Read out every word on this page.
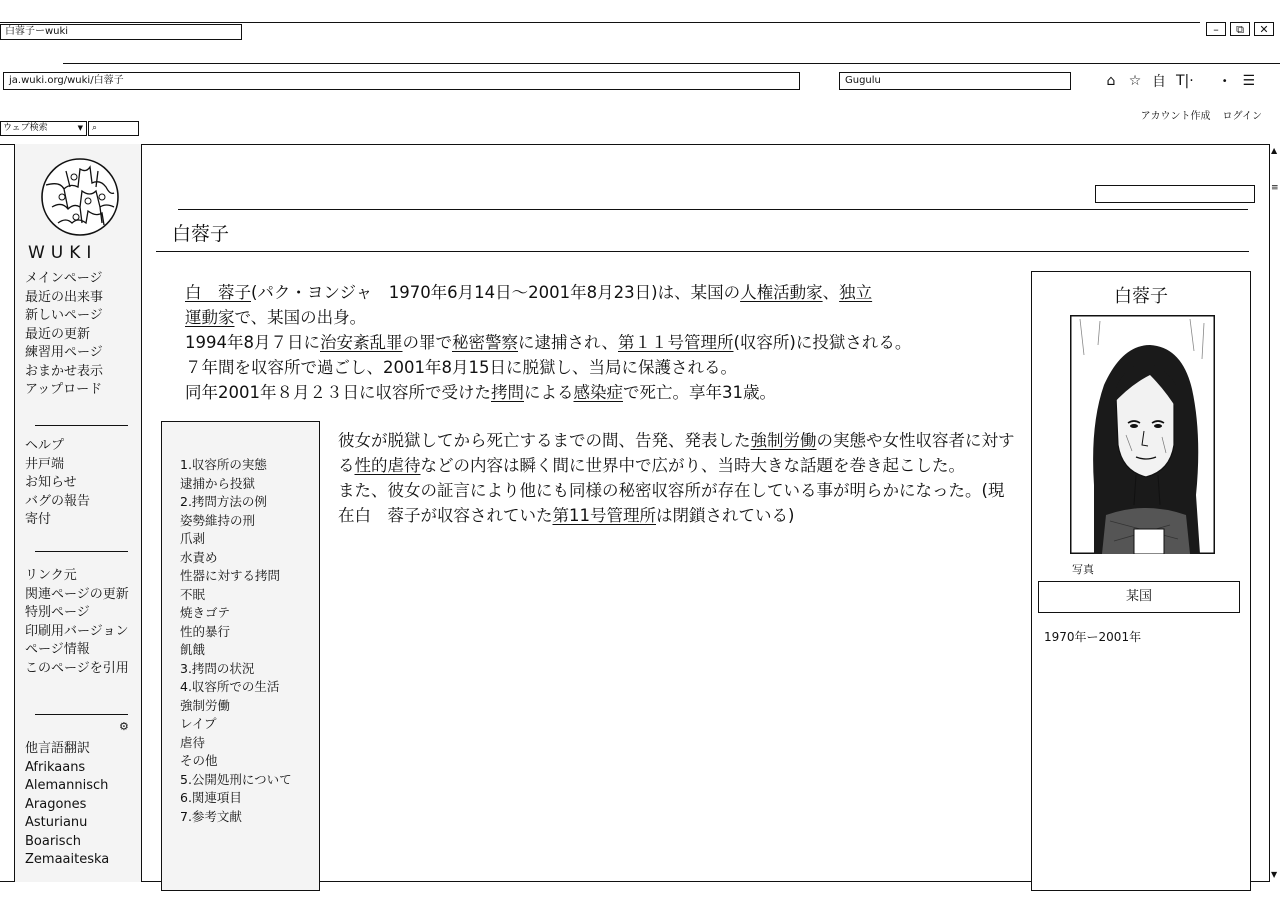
白蓉子ーwuki	–	⧉	✕
ja.wuki.org/wuki/白蓉子	Gugulu	⌂ ☆ 自 T|·	• ☰
アカウント作成 ログイン
ウェブ検索	▼	⌕
WUKI
メインページ
最近の出来事
新しいページ
最近の更新
練習用ページ
おまかせ表示
アップロード
ヘルプ
井戸端
お知らせ
バグの報告
寄付
リンク元
関連ページの更新
特別ページ
印刷用バージョン
ページ情報
このページを引用
⚙
他言語翻訳
Afrikaans
Alemannisch
Aragones
Asturianu
Boarisch
Zemaaiteska
白蓉子

白　蓉子(パク・ヨンジャ　1970年6月14日〜2001年8月23日)は、某国の人権活動家、独立
運動家で、某国の出身。
1994年8月７日に治安紊乱罪の罪で秘密警察に逮捕され、第１１号管理所(収容所)に投獄される。
７年間を収容所で過ごし、2001年8月15日に脱獄し、当局に保護される。
同年2001年８月２３日に収容所で受けた拷問による感染症で死亡。享年31歳。

1.収容所の実態
逮捕から投獄
2.拷問方法の例
姿勢維持の刑
爪剥
水責め
性器に対する拷問
不眠
焼きゴテ
性的暴行
飢餓
3.拷問の状況
4.収容所での生活
強制労働
レイプ
虐待
その他
5.公開処刑について
6.関連項目
7.参考文献

彼女が脱獄してから死亡するまでの間、告発、発表した強制労働の実態や女性収容者に対する性的虐待などの内容は瞬く間に世界中で広がり、当時大きな話題を巻き起こした。

また、彼女の証言により他にも同様の秘密収容所が存在している事が明らかになった。(現在白　蓉子が収容されていた第11号管理所は閉鎖されている)

白蓉子
写真
某国
1970年ー2001年
▲
≡
▼
